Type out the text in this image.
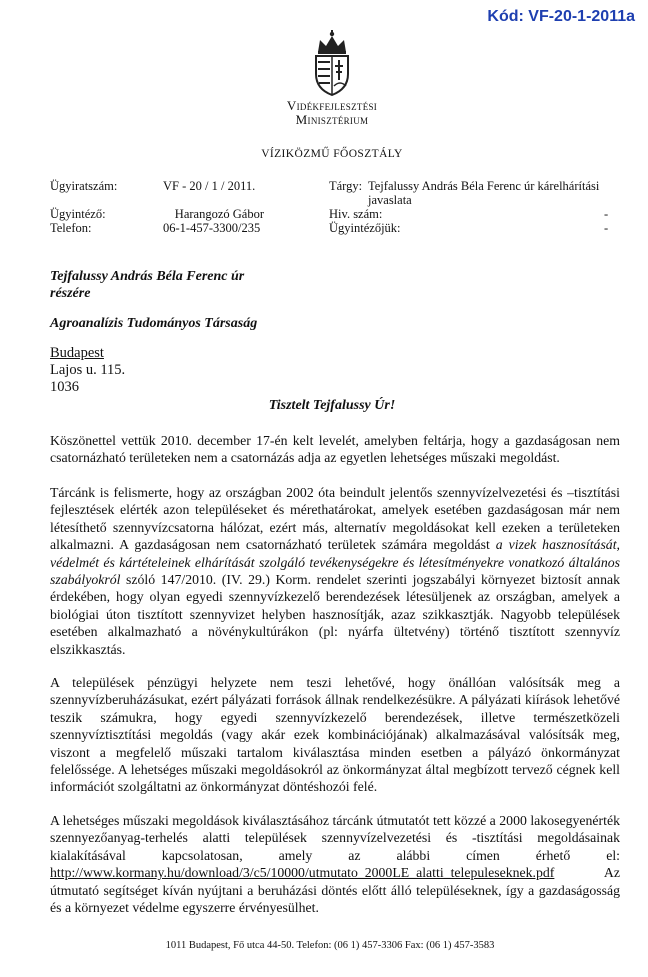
Kód: VF-20-1-2011a
Vidékfejlesztési
Minisztérium
VÍZIKÖZMŰ FŐOSZTÁLY
Ügyiratszám:	VF - 20 / 1 / 2011.
Ügyintéző:	Harangozó Gábor
Telefon:	06-1-457-3300/235
Tárgy: Tejfalussy András Béla Ferenc úr kárelhárítási
javaslata
Hiv. szám:	-
Ügyintézőjük:	-
Tejfalussy András Béla Ferenc úr
részére
Agroanalízis Tudományos Társaság
Budapest
Lajos u. 115.
1036
Tisztelt Tejfalussy Úr!
Köszönettel vettük 2010. december 17-én kelt levelét, amelyben feltárja, hogy a gazdaságosan nem csatornázható területeken nem a csatornázás adja az egyetlen lehetséges műszaki megoldást.
Tárcánk is felismerte, hogy az országban 2002 óta beindult jelentős szennyvízelvezetési és –tisztítási fejlesztések elérték azon településeket és mérethatárokat, amelyek esetében gazdaságosan már nem létesíthető szennyvízcsatorna hálózat, ezért más, alternatív megoldásokat kell ezeken a területeken alkalmazni. A gazdaságosan nem csatornázható területek számára megoldást a vizek hasznosítását, védelmét és kártételeinek elhárítását szolgáló tevékenységekre és létesítményekre vonatkozó általános szabályokról szóló 147/2010. (IV. 29.) Korm. rendelet szerinti jogszabályi környezet biztosít annak érdekében, hogy olyan egyedi szennyvízkezelő berendezések létesüljenek az országban, amelyek a biológiai úton tisztított szennyvizet helyben hasznosítják, azaz szikkasztják. Nagyobb települések esetében alkalmazható a növénykultúrákon (pl: nyárfa ültetvény) történő tisztított szennyvíz elszikkasztás.
A települések pénzügyi helyzete nem teszi lehetővé, hogy önállóan valósítsák meg a szennyvízberuházásukat, ezért pályázati források állnak rendelkezésükre. A pályázati kiírások lehetővé teszik számukra, hogy egyedi szennyvízkezelő berendezések, illetve természetközeli szennyvíztisztítási megoldás (vagy akár ezek kombinációjának) alkalmazásával valósítsák meg, viszont a megfelelő műszaki tartalom kiválasztása minden esetben a pályázó önkormányzat felelőssége. A lehetséges műszaki megoldásokról az önkormányzat által megbízott tervező cégnek kell információt szolgáltatni az önkormányzat döntéshozói felé.
A lehetséges műszaki megoldások kiválasztásához tárcánk útmutatót tett közzé a 2000 lakosegyenérték szennyezőanyag-terhelés alatti települések szennyvízelvezetési és -tisztítási megoldásainak kialakításával kapcsolatosan, amely az alábbi címen érhető el: http://www.kormany.hu/download/3/c5/10000/utmutato_2000LE_alatti_telepuleseknek.pdf Az útmutató segítséget kíván nyújtani a beruházási döntés előtt álló településeknek, így a gazdaságosság és a környezet védelme egyszerre érvényesülhet.
1011 Budapest, Fő utca 44-50. Telefon: (06 1) 457-3306 Fax: (06 1) 457-3583
